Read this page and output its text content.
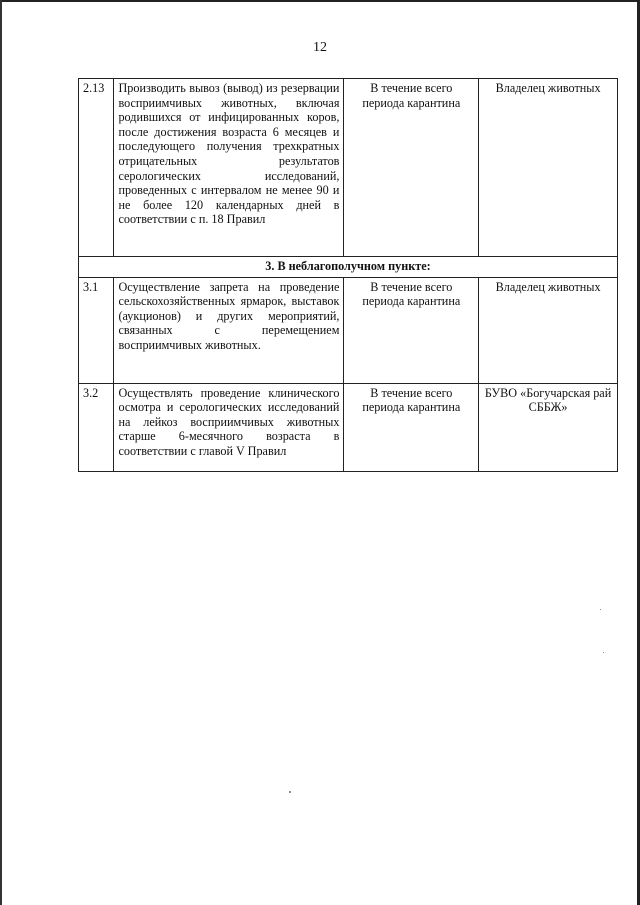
12
2.13	Производить вывоз (вывод) из резервации восприимчивых животных, включая родившихся от инфицированных коров, после достижения возраста 6 месяцев и последующего получения трехкратных отрицательных результатов серологических исследований, проведенных с интервалом не менее 90 и не более 120 календарных дней в соответствии с п. 18 Правил	В течение всего периода карантина	Владелец животных
3. В неблагополучном пункте:			
3.1	Осуществление запрета на проведение сельскохозяйственных ярмарок, выставок (аукционов) и других мероприятий, связанных с перемещением восприимчивых животных.	В течение всего периода карантина	Владелец животных
3.2	Осуществлять проведение клинического осмотра и серологических исследований на лейкоз восприимчивых животных старше 6-месячного возраста в соответствии с главой V Правил	В течение всего периода карантина	БУВО «Богучарская рай СББЖ»
